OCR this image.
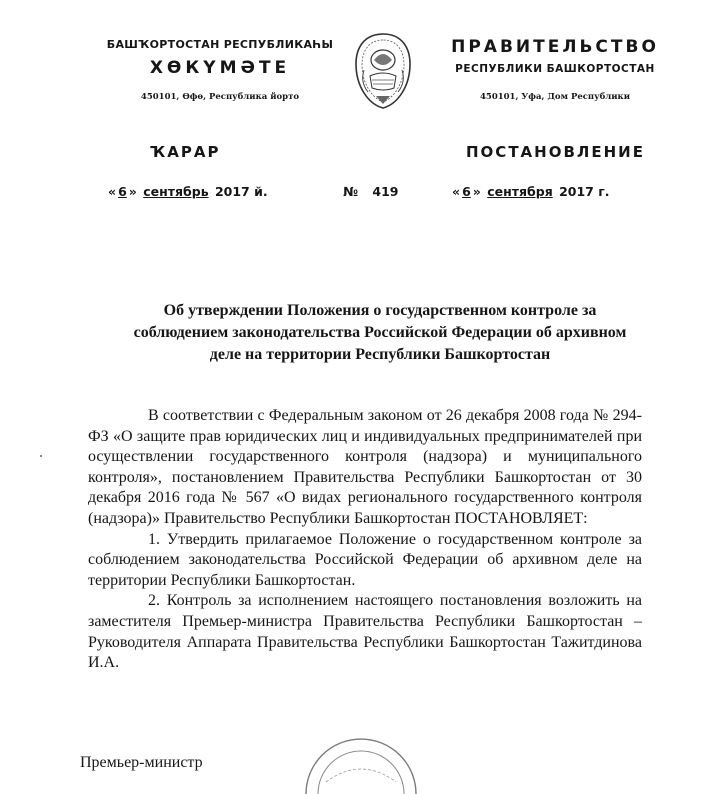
БАШҠОРТОСТАН РЕСПУБЛИКАҺЫ
ХӨКҮМӘТЕ
450101, Өфө, Республика йорто
ПРАВИТЕЛЬСТВО
РЕСПУБЛИКИ БАШКОРТОСТАН
450101, Уфа, Дом Республики
ҠАРАР	ПОСТАНОВЛЕНИЕ
« 6 » сентябрь 2017 й.	№ 419	« 6 » сентября 2017 г.
Об утверждении Положения о государственном контроле за соблюдением законодательства Российской Федерации об архивном деле на территории Республики Башкортостан

В соответствии с Федеральным законом от 26 декабря 2008 года № 294-ФЗ «О защите прав юридических лиц и индивидуальных предпринимателей при осуществлении государственного контроля (надзора) и муниципального контроля», постановлением Правительства Республики Башкортостан от 30 декабря 2016 года № 567 «О видах регионального государственного контроля (надзора)» Правительство Республики Башкортостан ПОСТАНОВЛЯЕТ:

1. Утвердить прилагаемое Положение о государственном контроле за соблюдением законодательства Российской Федерации об архивном деле на территории Республики Башкортостан.

2. Контроль за исполнением настоящего постановления возложить на заместителя Премьер-министра Правительства Республики Башкортостан – Руководителя Аппарата Правительства Республики Башкортостан Тажитдинова И.А.

Премьер-министр
